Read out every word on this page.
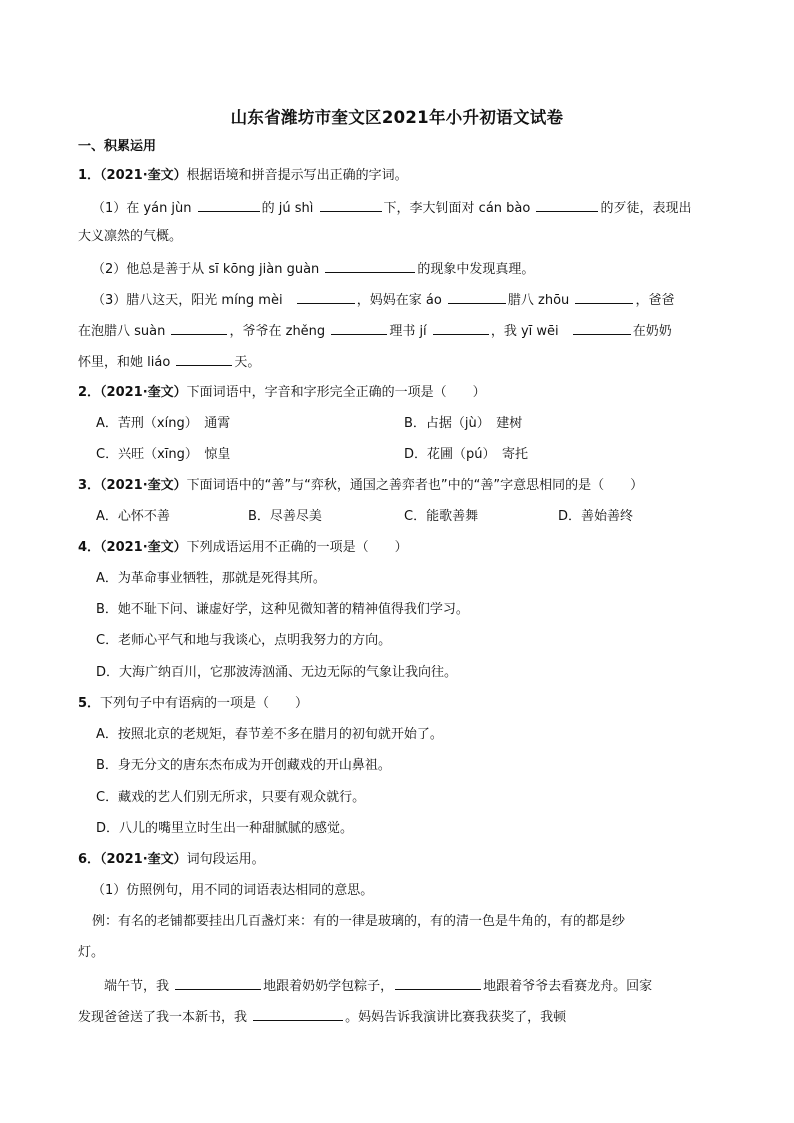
山东省潍坊市奎文区2021年小升初语文试卷
一、积累运用
1．（2021·奎文）根据语境和拼音提示写出正确的字词。
（1）在 yán jùn	的 jú shì	下，李大钊面对 cán bào	的歹徒，表现出
大义凛然的气概。
（2）他总是善于从 sī kōng jiàn guàn	的现象中发现真理。
（3）腊八这天，阳光 míng mèi	，妈妈在家 áo	腊八 zhōu	，爸爸
在泡腊八 suàn	，爷爷在 zhěng	理书 jí	，我 yī wēi	在奶奶
怀里，和她 liáo	天。
2．（2021·奎文）下面词语中，字音和字形完全正确的一项是（　　）
A．苦刑（xíng）　通霄	B．占据（jù）　建树
C．兴旺（xīng）　惊皇	D．花圃（pú）　寄托
3．（2021·奎文）下面词语中的“善”与“弈秋，通国之善弈者也”中的“善”字意思相同的是（　　）
A．心怀不善	B．尽善尽美	C．能歌善舞	D．善始善终
4．（2021·奎文）下列成语运用不正确的一项是（　　）
A．为革命事业牺牲，那就是死得其所。
B．她不耻下问、谦虚好学，这种见微知著的精神值得我们学习。
C．老师心平气和地与我谈心，点明我努力的方向。
D．大海广纳百川，它那波涛汹涌、无边无际的气象让我向往。
5．下列句子中有语病的一项是（　　）
A．按照北京的老规矩，春节差不多在腊月的初旬就开始了。
B．身无分文的唐东杰布成为开创藏戏的开山鼻祖。
C．藏戏的艺人们别无所求，只要有观众就行。
D．八儿的嘴里立时生出一种甜腻腻的感觉。
6．（2021·奎文）词句段运用。
（1）仿照例句，用不同的词语表达相同的意思。
例：有名的老铺都要挂出几百盏灯来：有的一律是玻璃的，有的清一色是牛角的，有的都是纱
灯。
端午节，我	地跟着奶奶学包粽子，	地跟着爷爷去看赛龙舟。回家
发现爸爸送了我一本新书，我	。妈妈告诉我演讲比赛我获奖了，我顿
